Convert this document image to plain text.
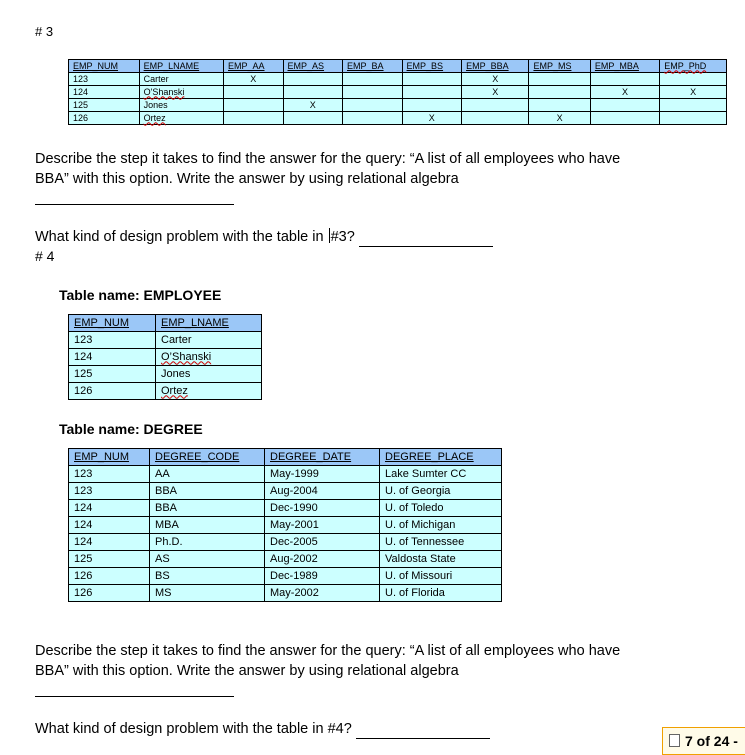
# 3
EMP_NUM	EMP_LNAME	EMP_AA	EMP_AS	EMP_BA	EMP_BS	EMP_BBA	EMP_MS	EMP_MBA	EMP_PhD
123	Carter	X				X			
124	O'Shanski					X		X	X
125	Jones		X						
126	Ortez				X		X		
Describe the step it takes to find the answer for the query: “A list of all employees who have
BBA” with this option. Write the answer by using relational algebra
What kind of design problem with the table in #3?
# 4
Table name: EMPLOYEE
EMP_NUM	EMP_LNAME
123	Carter
124	O’Shanski
125	Jones
126	Ortez
Table name: DEGREE
EMP_NUM	DEGREE_CODE	DEGREE_DATE	DEGREE_PLACE
123	AA	May-1999	Lake Sumter CC
123	BBA	Aug-2004	U. of Georgia
124	BBA	Dec-1990	U. of Toledo
124	MBA	May-2001	U. of Michigan
124	Ph.D.	Dec-2005	U. of Tennessee
125	AS	Aug-2002	Valdosta State
126	BS	Dec-1989	U. of Missouri
126	MS	May-2002	U. of Florida
Describe the step it takes to find the answer for the query: “A list of all employees who have
BBA” with this option. Write the answer by using relational algebra
What kind of design problem with the table in #4?
7 of 24 -
